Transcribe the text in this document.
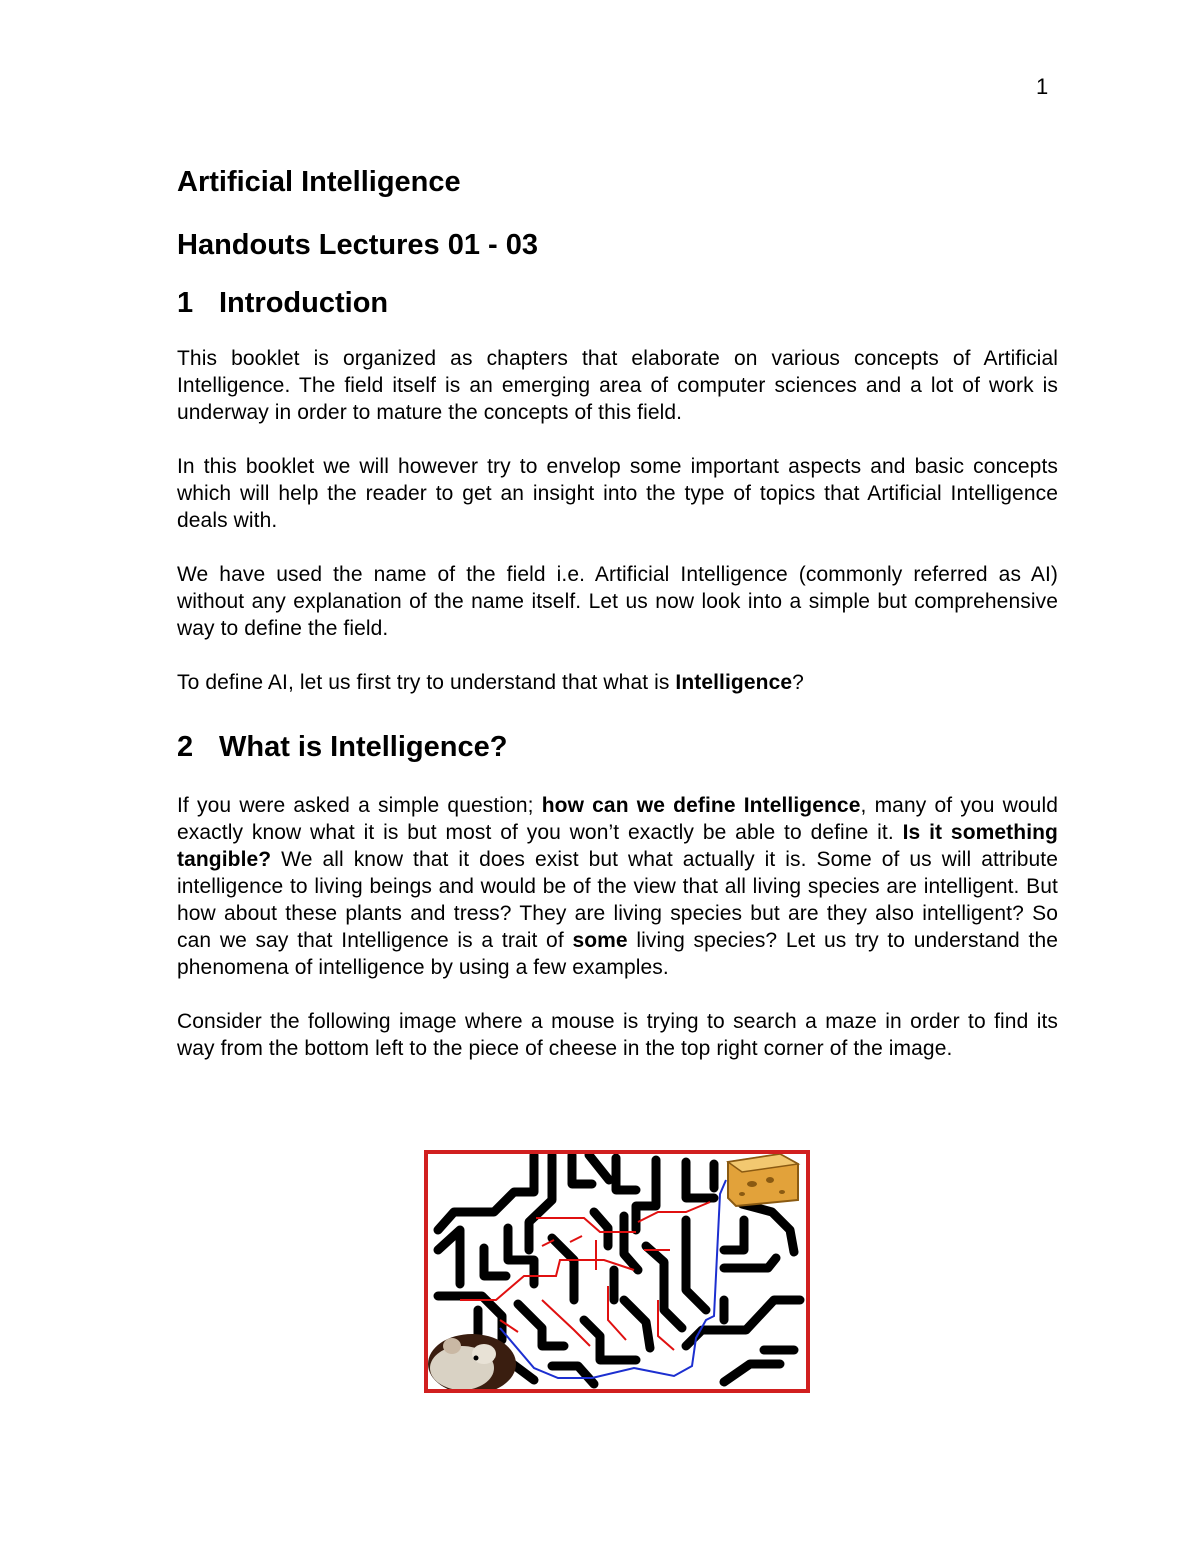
1
Artificial Intelligence
Handouts Lectures 01 - 03
1 Introduction

This booklet is organized as chapters that elaborate on various concepts of Artificial Intelligence. The field itself is an emerging area of computer sciences and a lot of work is underway in order to mature the concepts of this field.

In this booklet we will however try to envelop some important aspects and basic concepts which will help the reader to get an insight into the type of topics that Artificial Intelligence deals with.

We have used the name of the field i.e. Artificial Intelligence (commonly referred as AI) without any explanation of the name itself. Let us now look into a simple but comprehensive way to define the field.

To define AI, let us first try to understand that what is Intelligence?

2 What is Intelligence?

If you were asked a simple question; how can we define Intelligence, many of you would exactly know what it is but most of you won’t exactly be able to define it. Is it something tangible? We all know that it does exist but what actually it is. Some of us will attribute intelligence to living beings and would be of the view that all living species are intelligent. But how about these plants and tress? They are living species but are they also intelligent? So can we say that Intelligence is a trait of some living species? Let us try to understand the phenomena of intelligence by using a few examples.

Consider the following image where a mouse is trying to search a maze in order to find its way from the bottom left to the piece of cheese in the top right corner of the image.
